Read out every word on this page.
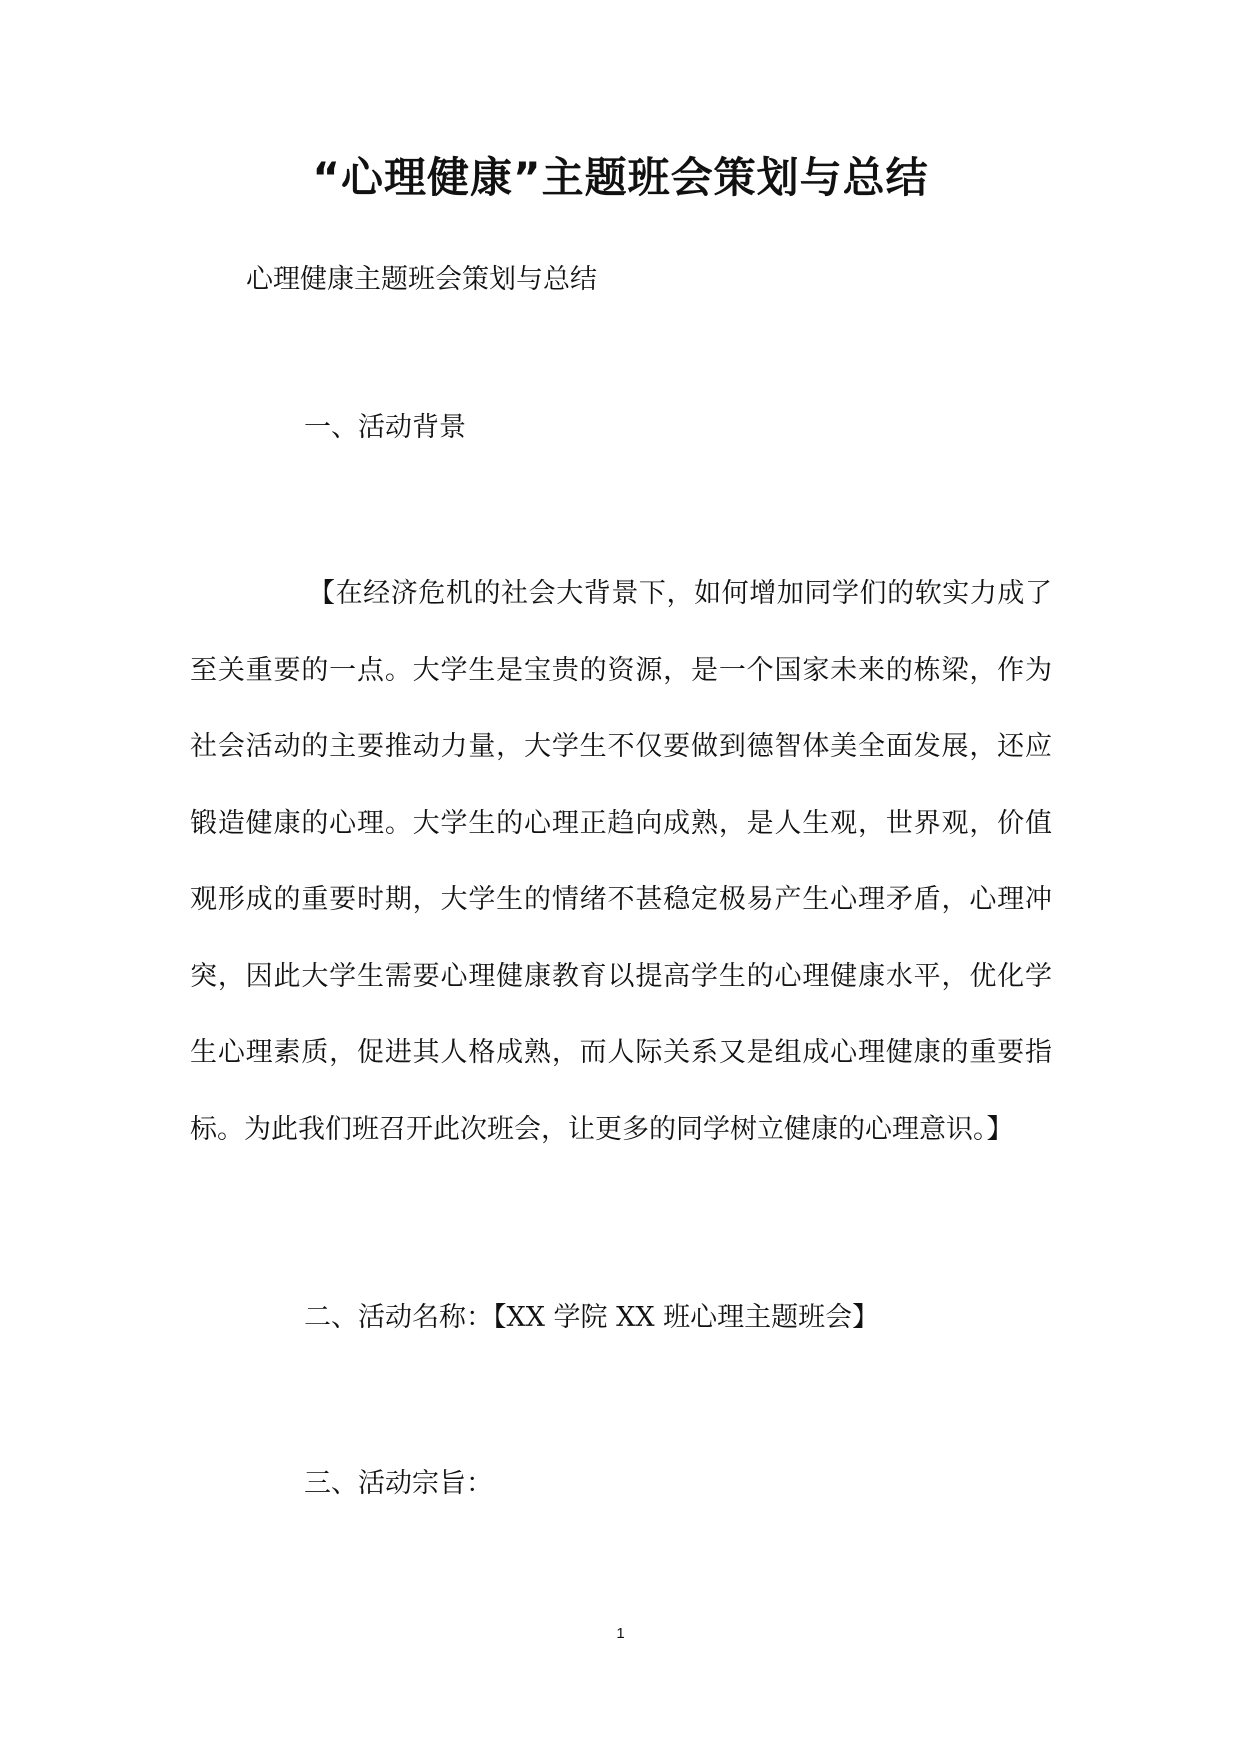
“心理健康”主题班会策划与总结
心理健康主题班会策划与总结
一、活动背景

【在经济危机的社会大背景下，如何增加同学们的软实力成了至关重要的一点。大学生是宝贵的资源，是一个国家未来的栋梁，作为社会活动的主要推动力量，大学生不仅要做到德智体美全面发展，还应锻造健康的心理。大学生的心理正趋向成熟，是人生观，世界观，价值观形成的重要时期，大学生的情绪不甚稳定极易产生心理矛盾，心理冲突，因此大学生需要心理健康教育以提高学生的心理健康水平，优化学生心理素质，促进其人格成熟，而人际关系又是组成心理健康的重要指标。为此我们班召开此次班会，让更多的同学树立健康的心理意识。】

二、活动名称：【XX 学院 XX 班心理主题班会】
三、活动宗旨：
1
